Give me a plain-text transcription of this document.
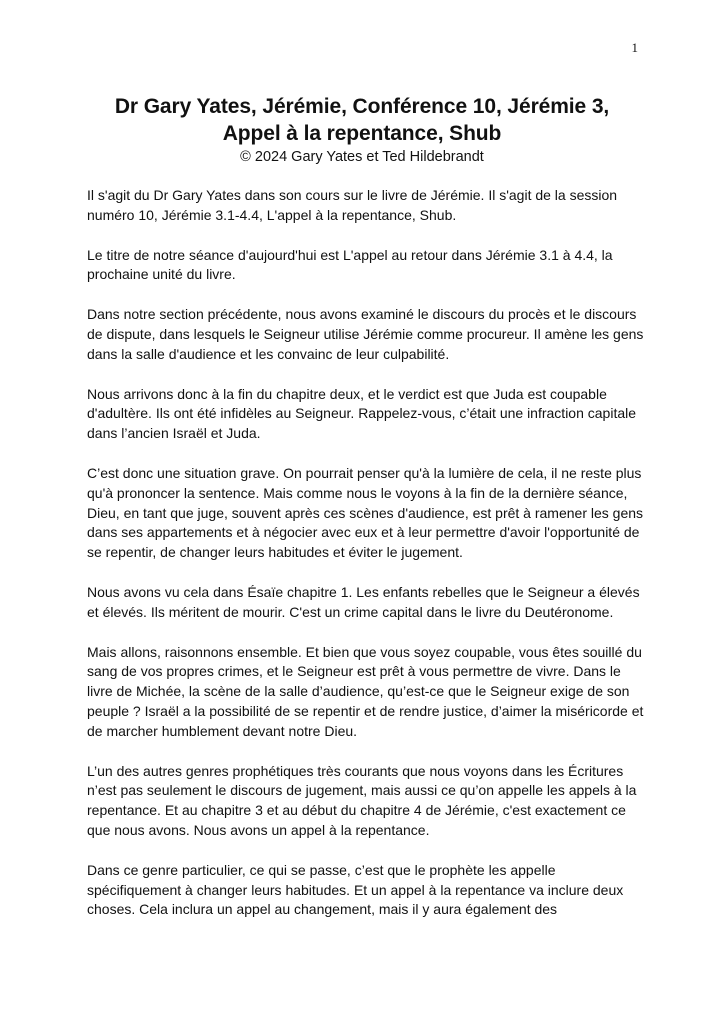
1
Dr Gary Yates, Jérémie, Conférence 10, Jérémie 3,
Appel à la repentance, Shub

© 2024 Gary Yates et Ted Hildebrandt

Il s'agit du Dr Gary Yates dans son cours sur le livre de Jérémie. Il s'agit de la session numéro 10, Jérémie 3.1-4.4, L'appel à la repentance, Shub.

Le titre de notre séance d'aujourd'hui est L'appel au retour dans Jérémie 3.1 à 4.4, la prochaine unité du livre.

Dans notre section précédente, nous avons examiné le discours du procès et le discours de dispute, dans lesquels le Seigneur utilise Jérémie comme procureur. Il amène les gens dans la salle d'audience et les convainc de leur culpabilité.

Nous arrivons donc à la fin du chapitre deux, et le verdict est que Juda est coupable d'adultère. Ils ont été infidèles au Seigneur. Rappelez-vous, c’était une infraction capitale dans l’ancien Israël et Juda.

C’est donc une situation grave. On pourrait penser qu'à la lumière de cela, il ne reste plus qu'à prononcer la sentence. Mais comme nous le voyons à la fin de la dernière séance, Dieu, en tant que juge, souvent après ces scènes d'audience, est prêt à ramener les gens dans ses appartements et à négocier avec eux et à leur permettre d'avoir l'opportunité de se repentir, de changer leurs habitudes et éviter le jugement.

Nous avons vu cela dans Ésaïe chapitre 1. Les enfants rebelles que le Seigneur a élevés et élevés. Ils méritent de mourir. C'est un crime capital dans le livre du Deutéronome.

Mais allons, raisonnons ensemble. Et bien que vous soyez coupable, vous êtes souillé du sang de vos propres crimes, et le Seigneur est prêt à vous permettre de vivre. Dans le livre de Michée, la scène de la salle d’audience, qu’est-ce que le Seigneur exige de son peuple ? Israël a la possibilité de se repentir et de rendre justice, d’aimer la miséricorde et de marcher humblement devant notre Dieu.

L’un des autres genres prophétiques très courants que nous voyons dans les Écritures n’est pas seulement le discours de jugement, mais aussi ce qu’on appelle les appels à la repentance. Et au chapitre 3 et au début du chapitre 4 de Jérémie, c'est exactement ce que nous avons. Nous avons un appel à la repentance.

Dans ce genre particulier, ce qui se passe, c’est que le prophète les appelle spécifiquement à changer leurs habitudes. Et un appel à la repentance va inclure deux choses. Cela inclura un appel au changement, mais il y aura également des
